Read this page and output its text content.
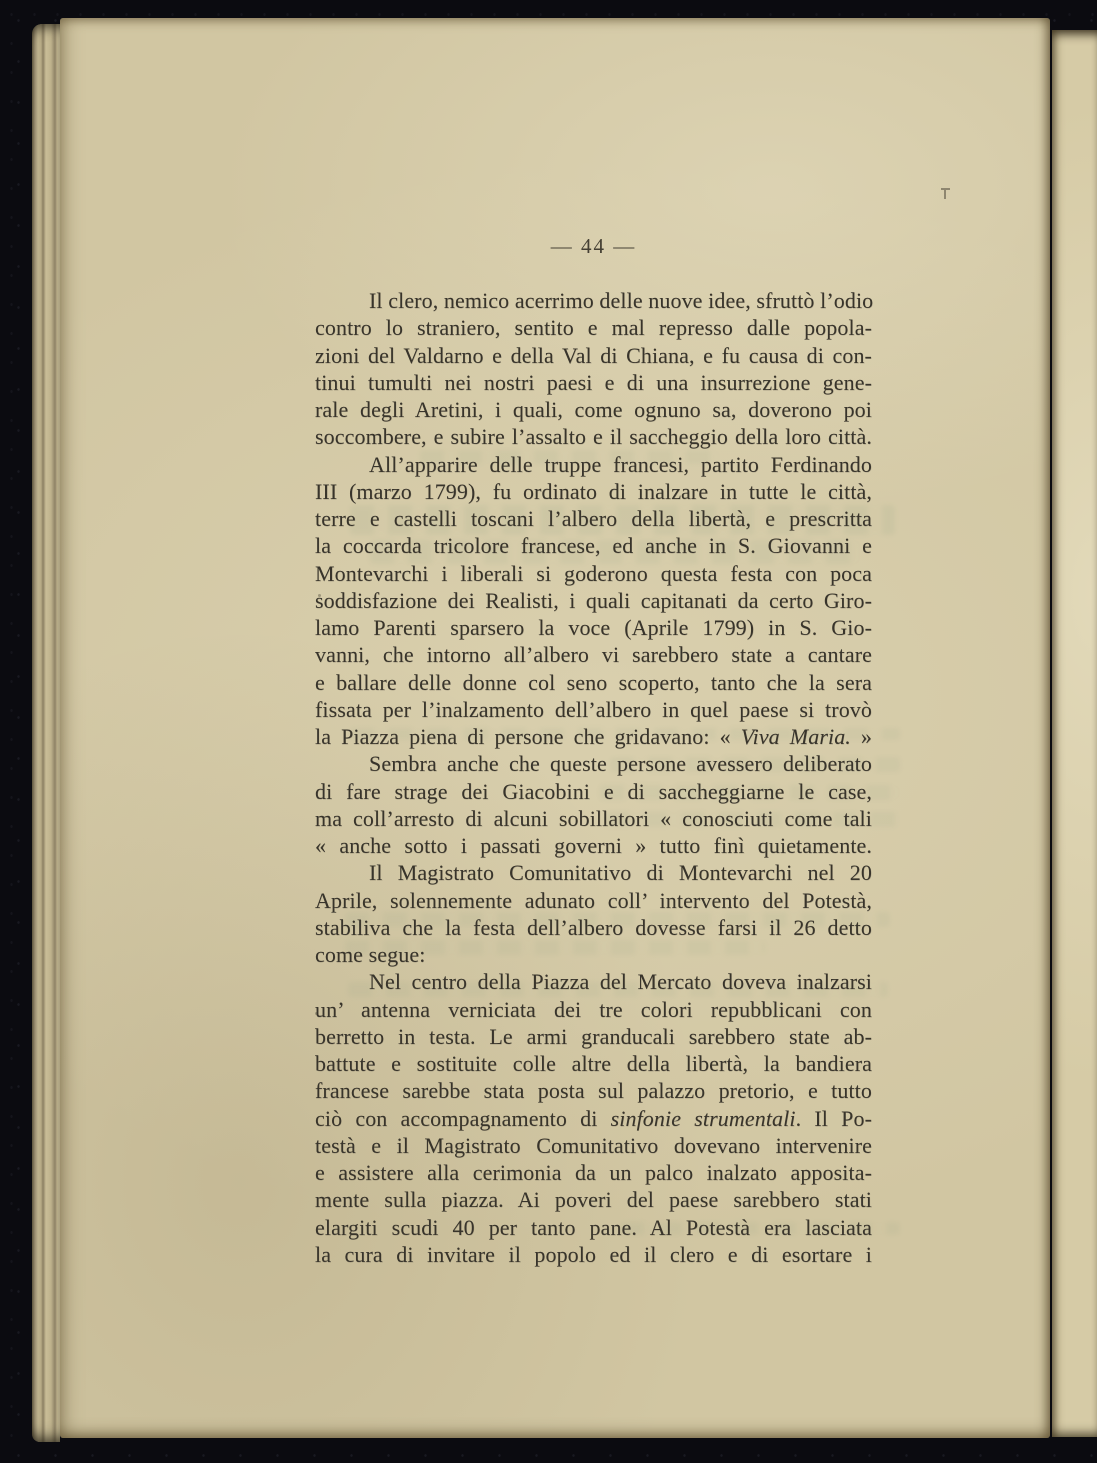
— 44 —
Il clero, nemico acerrimo delle nuove idee, sfruttò l’odio
contro lo straniero, sentito e mal represso dalle popola-
zioni del Valdarno e della Val di Chiana, e fu causa di con-
tinui tumulti nei nostri paesi e di una insurrezione gene-
rale degli Aretini, i quali, come ognuno sa, doverono poi
soccombere, e subire l’assalto e il saccheggio della loro città.
All’apparire delle truppe francesi, partito Ferdinando
III (marzo 1799), fu ordinato di inalzare in tutte le città,
terre e castelli toscani l’albero della libertà, e prescritta
la coccarda tricolore francese, ed anche in S. Giovanni e
Montevarchi i liberali si goderono questa festa con poca
soddisfazione dei Realisti, i quali capitanati da certo Giro-
lamo Parenti sparsero la voce (Aprile 1799) in S. Gio-
vanni, che intorno all’albero vi sarebbero state a cantare
e ballare delle donne col seno scoperto, tanto che la sera
fissata per l’inalzamento dell’albero in quel paese si trovò
la Piazza piena di persone che gridavano: « Viva Maria. »
Sembra anche che queste persone avessero deliberato
di fare strage dei Giacobini e di saccheggiarne le case,
ma coll’arresto di alcuni sobillatori « conosciuti come tali
« anche sotto i passati governi » tutto finì quietamente.
Il Magistrato Comunitativo di Montevarchi nel 20
Aprile, solennemente adunato coll’ intervento del Potestà,
stabiliva che la festa dell’albero dovesse farsi il 26 detto
come segue:
Nel centro della Piazza del Mercato doveva inalzarsi
un’ antenna verniciata dei tre colori repubblicani con
berretto in testa. Le armi granducali sarebbero state ab-
battute e sostituite colle altre della libertà, la bandiera
francese sarebbe stata posta sul palazzo pretorio, e tutto
ciò con accompagnamento di sinfonie strumentali. Il Po-
testà e il Magistrato Comunitativo dovevano intervenire
e assistere alla cerimonia da un palco inalzato apposita-
mente sulla piazza. Ai poveri del paese sarebbero stati
elargiti scudi 40 per tanto pane. Al Potestà era lasciata
la cura di invitare il popolo ed il clero e di esortare i
